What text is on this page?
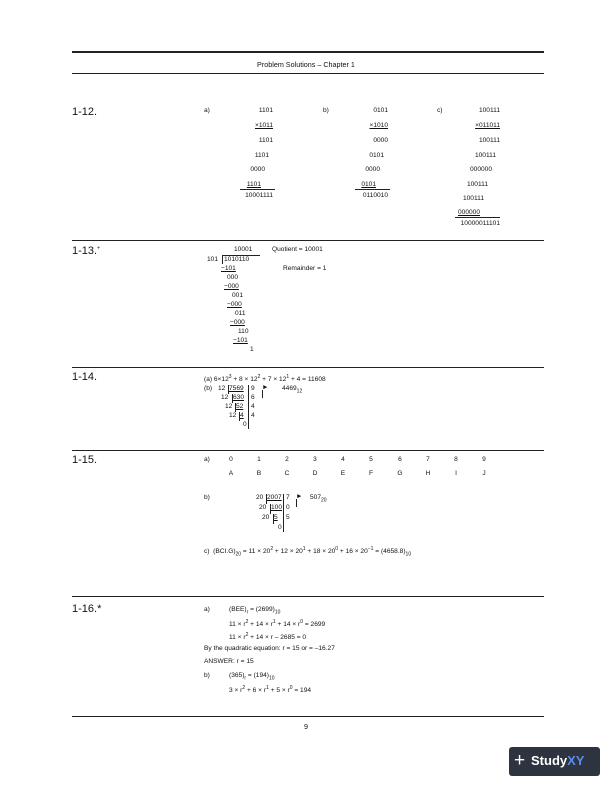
Problem Solutions – Chapter 1
1-12.	a)	1101
×1011
1101
1101
0000
1101
10001111
b)	0101
×1010
0000
0101
0000
0101
0110010
c)	100111
×011011
100111
100111
000000
100111
100111
000000
10000011101
1-13.+	10001	Quotient = 10001
101 1010110
−101	Remainder = 1
000
−000
001
−000
011
−000
110
−101
1
1-14.	(a) $6\times 12^3 + 8 \times 12^2 + 7 \times 12^1 + 4 = 11608$
(b) 12
12
12
12
7569
630
52
4
0
9
6
4
4
► $4469_{12}$
1-15.	a)	0	1	2	3	4	5	6	7	8	9
A	B	C	D	E	F	G	H	I	J
b)	20
20
20
2007
100
5
0
7
0
5
► $507_{20}$
c) $(BCI.G)_{20} = 11 \times 20^2 + 12 \times 20^1 + 18 \times 20^0 + 16 \times 20^{-1} = (4658.8)_{10}$
1-16.*	a)	$(BEE)_r = (2699)_{10}$
$11 \times r^2 + 14 \times r^1 + 14 \times r^0 = 2699$
$11 \times r^2 + 14 \times r - 2685 = 0$
By the quadratic equation: r = 15 or = –16.27
ANSWER: r = 15
b)	$(365)_r = (194)_{10}$
$3 \times r^2 + 6 \times r^1 + 5 \times r^0 = 194$
9
+ StudyXY
